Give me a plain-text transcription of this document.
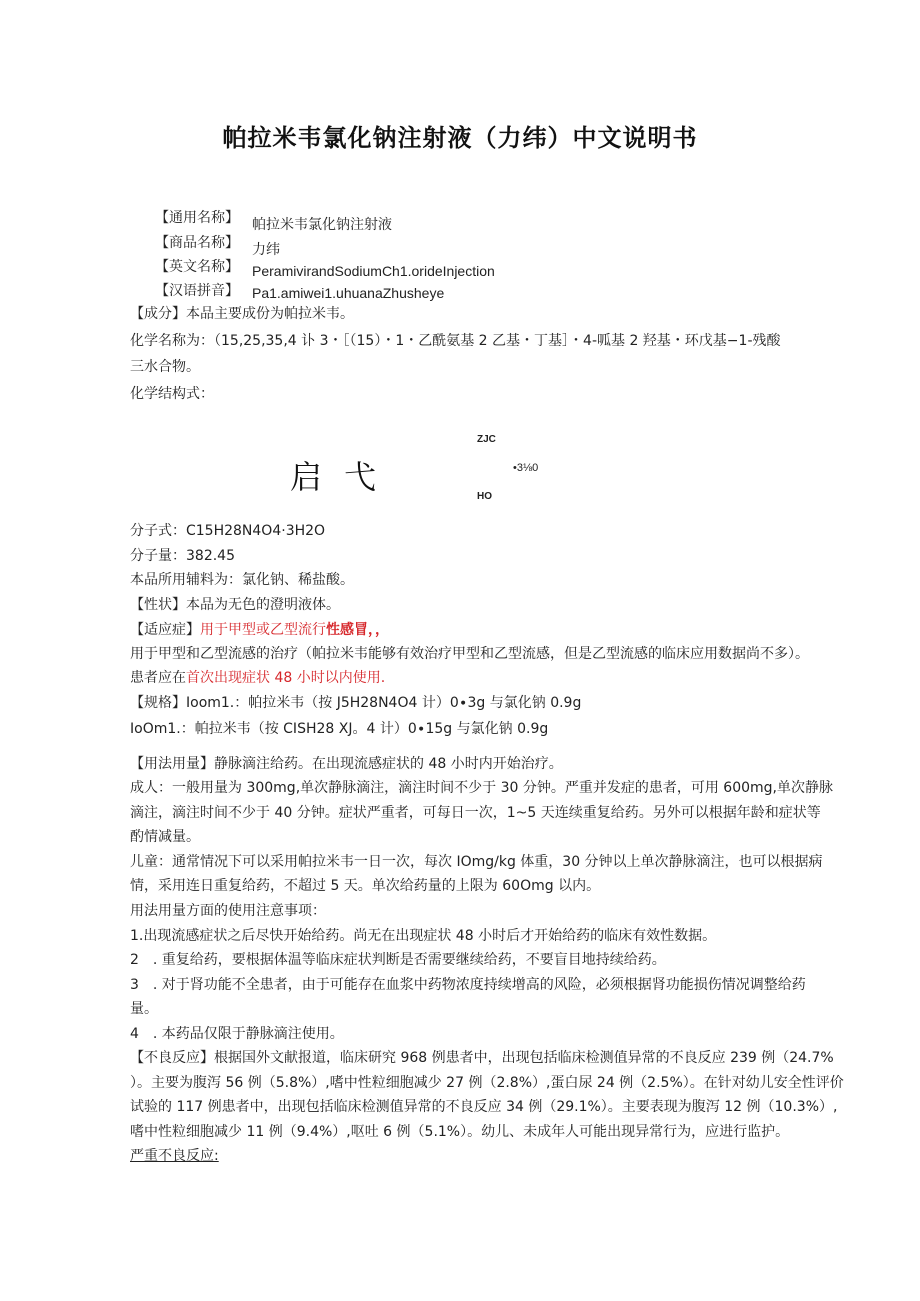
帕拉米韦氯化钠注射液（力纬）中文说明书
【通用名称】 帕拉米韦氯化钠注射液
【商品名称】 力纬
【英文名称】 PeramivirandSodiumCh1.orideInjection
【汉语拼音】 Pa1.amiwei1.uhuanaZhusheye
【成分】本品主要成份为帕拉米韦。
化学名称为：（15,25,35,4 讣 3・［（15）・1・乙酰氨基 2 乙基・丁基］・4-呱基 2 羟基・环戊基−1-残酸
三水合物。
化学结构式：
ZJC
启 弋	•3⅛0
HO
分子式：C15H28N4O4·3H2O
分子量：382.45
本品所用辅料为：氯化钠、稀盐酸。
【性状】本品为无色的澄明液体。
【适应症】用于甲型或乙型流行性感冒，，
用于甲型和乙型流感的治疗（帕拉米韦能够有效治疗甲型和乙型流感，但是乙型流感的临床应用数据尚不多）。
患者应在首次出现症状 48 小时以内使用.
【规格】Ioom1.：帕拉米韦（按 J5H28N4O4 计）0∙3g 与氯化钠 0.9g
IoOm1.：帕拉米韦（按 CISH28 XJ。4 计）0∙15g 与氯化钠 0.9g
【用法用量】静脉滴注给药。在出现流感症状的 48 小时内开始治疗。
成人：一般用量为 300mg,单次静脉滴注，滴注时间不少于 30 分钟。严重并发症的患者，可用 600mg,单次静脉
滴注，滴注时间不少于 40 分钟。症状严重者，可每日一次，1~5 天连续重复给药。另外可以根据年龄和症状等
酌情减量。
儿童：通常情况下可以采用帕拉米韦一日一次，每次 IOmg∕kg 体重，30 分钟以上单次静脉滴注，也可以根据病
情，采用连日重复给药，不超过 5 天。单次给药量的上限为 60Omg 以内。
用法用量方面的使用注意事项：
1.出现流感症状之后尽快开始给药。尚无在出现症状 48 小时后才开始给药的临床有效性数据。
2　. 重复给药，要根据体温等临床症状判断是否需要继续给药，不要盲目地持续给药。
3　. 对于肾功能不全患者，由于可能存在血浆中药物浓度持续增高的风险，必须根据肾功能损伤情况调整给药
量。
4　. 本药品仅限于静脉滴注使用。
【不良反应】根据国外文献报道，临床研究 968 例患者中，出现包括临床检测值异常的不良反应 239 例（24.7%
）。主要为腹泻 56 例（5.8%）,嗜中性粒细胞减少 27 例（2.8%）,蛋白尿 24 例（2.5%）。在针对幼儿安全性评价
试验的 117 例患者中，出现包括临床检测值异常的不良反应 34 例（29.1%）。主要表现为腹泻 12 例（10.3%）,
嗜中性粒细胞减少 11 例（9.4%）,呕吐 6 例（5.1%）。幼儿、未成年人可能出现异常行为，应进行监护。
严重不良反应:
